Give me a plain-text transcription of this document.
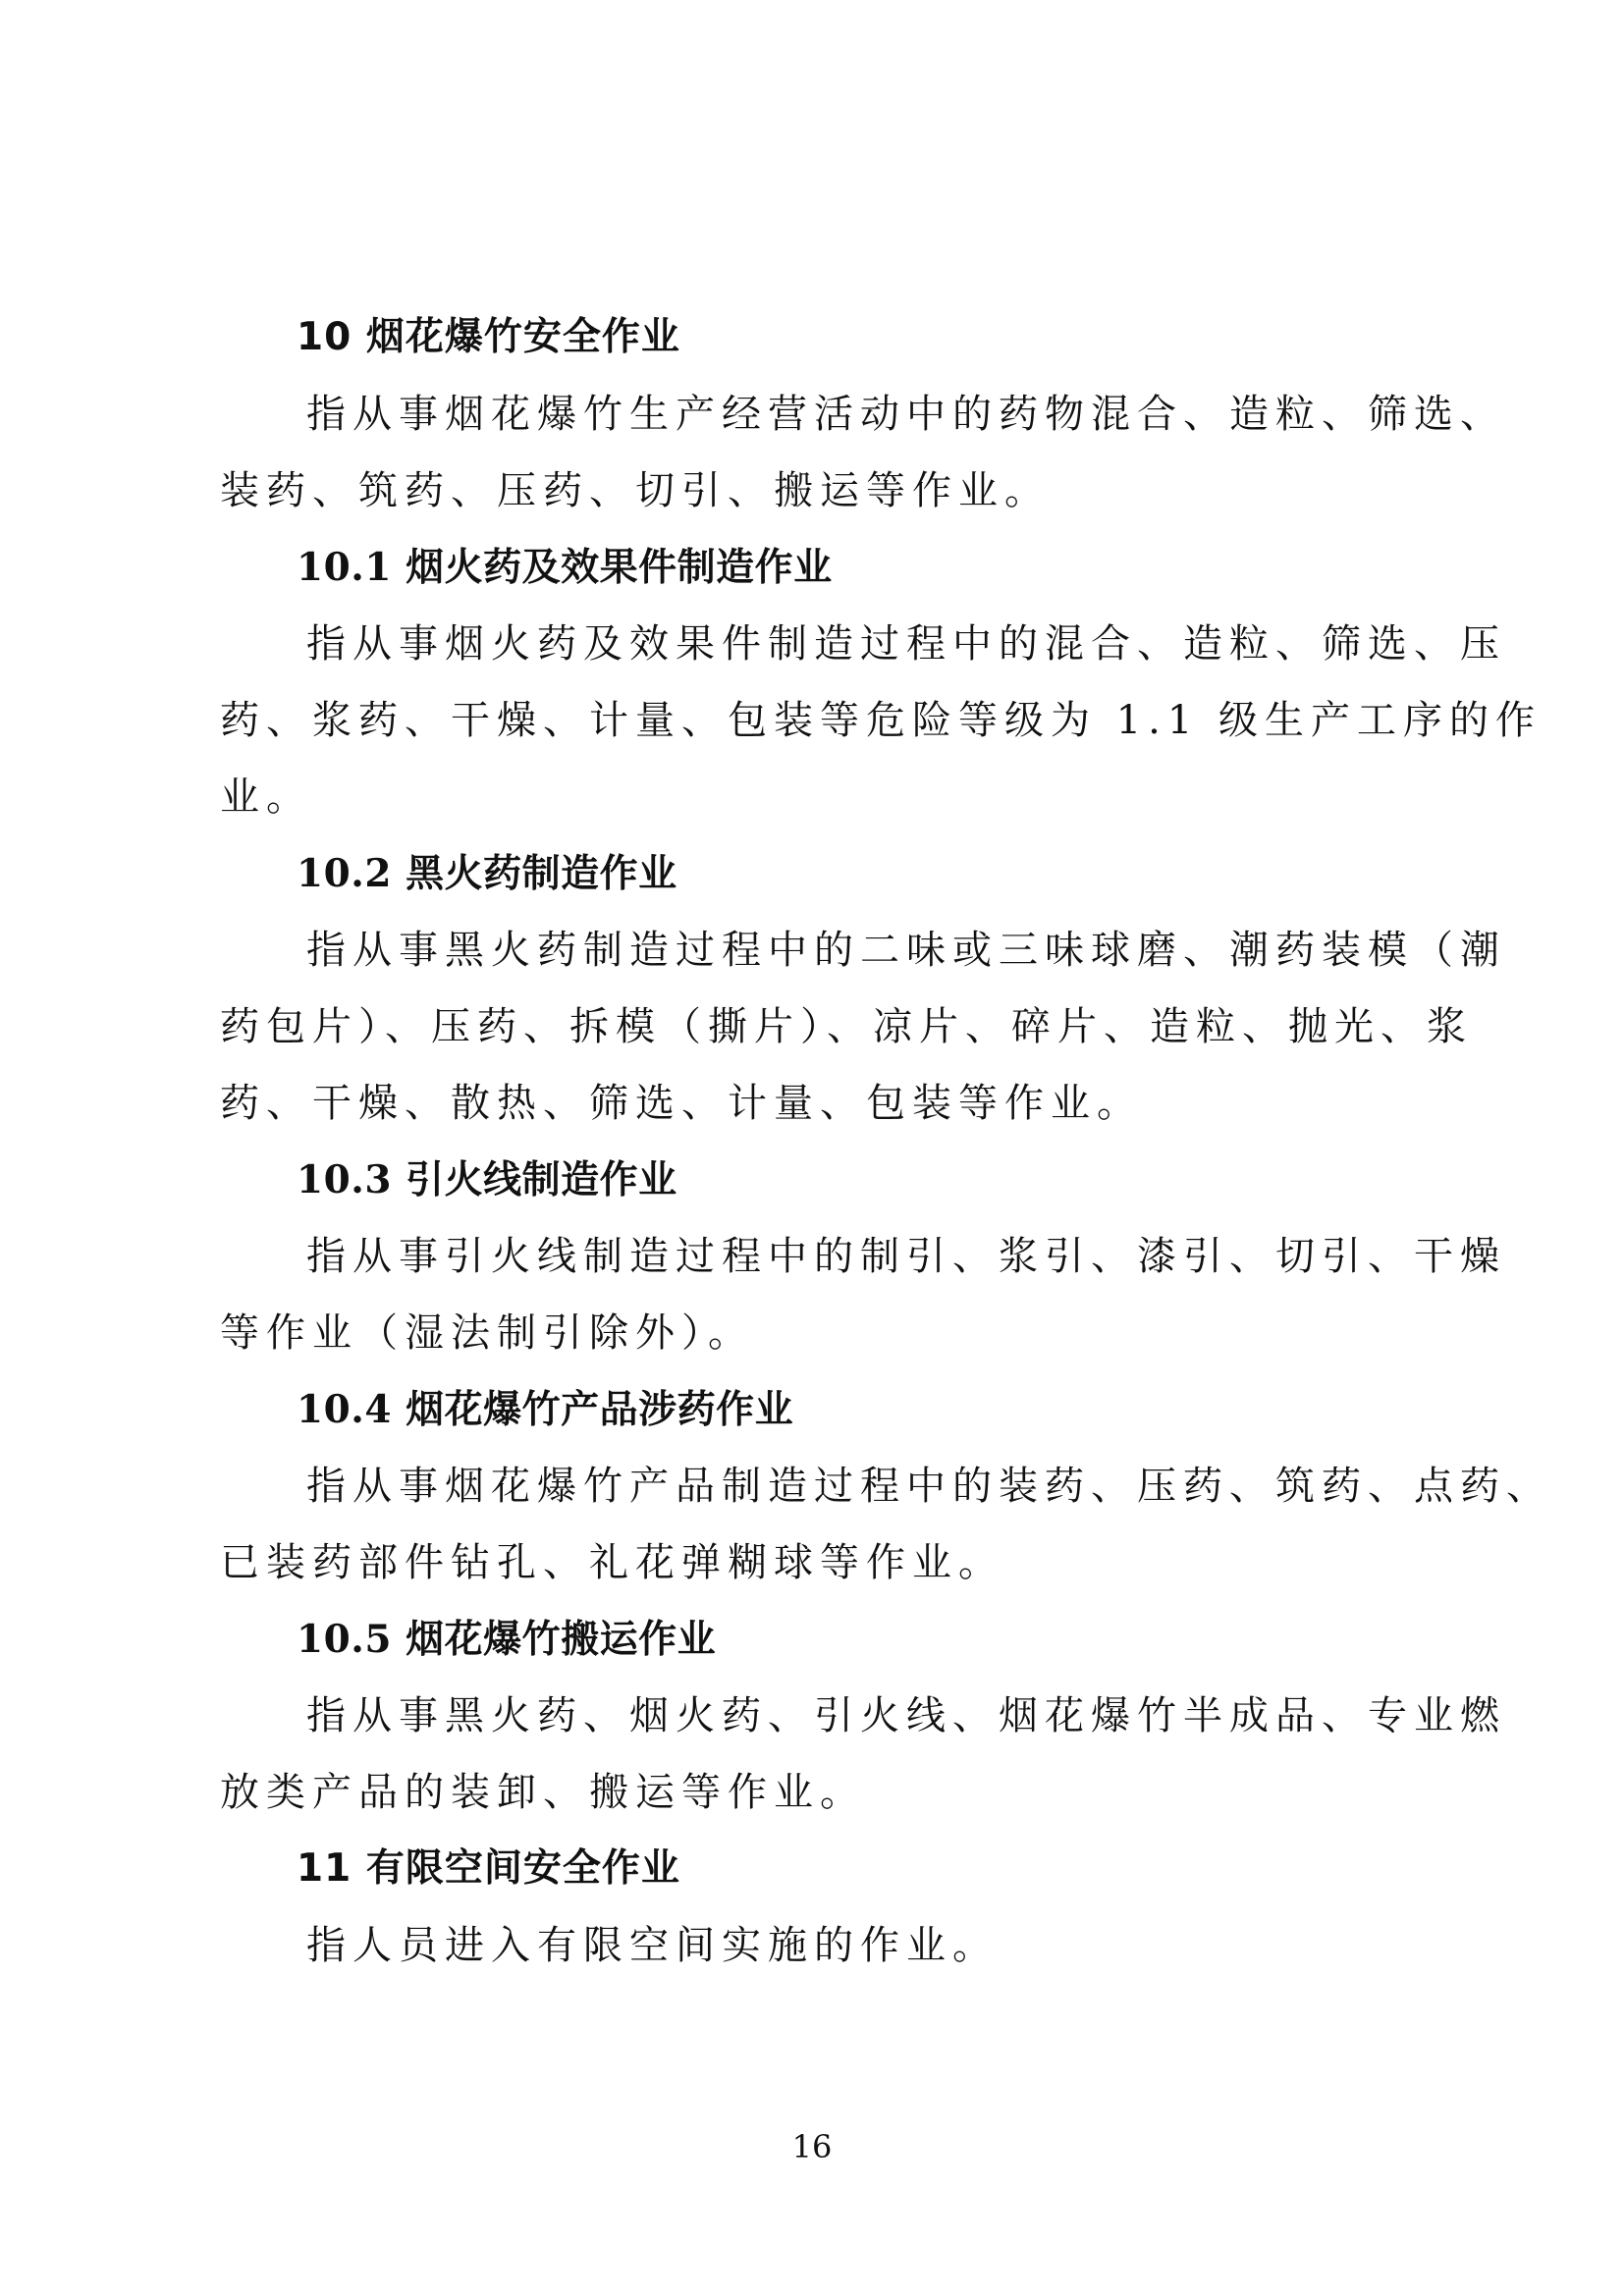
10 烟花爆竹安全作业

指从事烟花爆竹生产经营活动中的药物混合、造粒、筛选、
装药、筑药、压药、切引、搬运等作业。

10.1 烟火药及效果件制造作业

指从事烟火药及效果件制造过程中的混合、造粒、筛选、压
药、浆药、干燥、计量、包装等危险等级为 1.1 级生产工序的作
业。

10.2 黑火药制造作业

指从事黑火药制造过程中的二味或三味球磨、潮药装模（潮
药包片）、压药、拆模（撕片）、凉片、碎片、造粒、抛光、浆
药、干燥、散热、筛选、计量、包装等作业。

10.3 引火线制造作业

指从事引火线制造过程中的制引、浆引、漆引、切引、干燥
等作业（湿法制引除外）。

10.4 烟花爆竹产品涉药作业

指从事烟花爆竹产品制造过程中的装药、压药、筑药、点药、
已装药部件钻孔、礼花弹糊球等作业。

10.5 烟花爆竹搬运作业

指从事黑火药、烟火药、引火线、烟花爆竹半成品、专业燃
放类产品的装卸、搬运等作业。

11 有限空间安全作业

指人员进入有限空间实施的作业。

16
